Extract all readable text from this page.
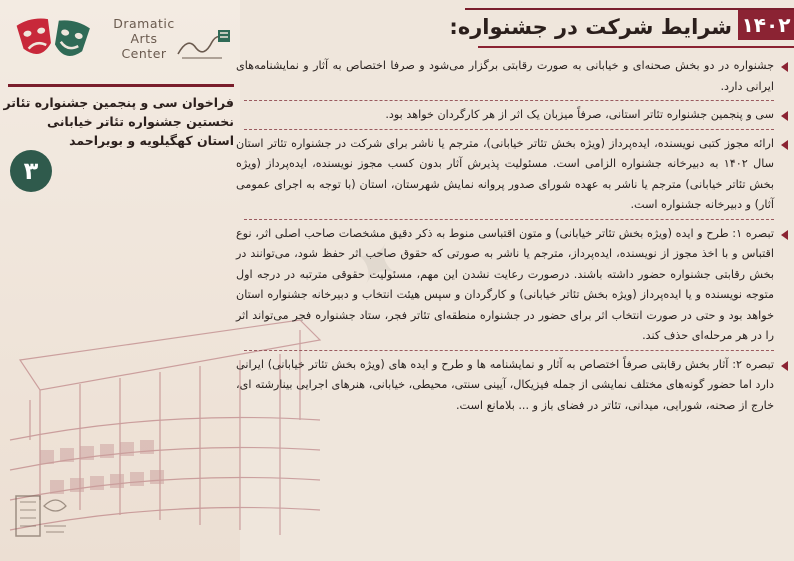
Dramatic
Arts
Center
فراخوان سی و پنجمین جشنواره تئاتر
نخستین جشنواره تئاتر خیابانی
استان کهگیلویه و بویراحمد
۳
۱۴۰۲
شرایط شرکت در جشنواره:
✦
جشنواره در دو بخش صحنه‌ای و خیابانی به صورت رقابتی برگزار می‌شود و صرفا اختصاص به آثار و نمایشنامه‌های ایرانی دارد.
سی و پنجمین جشنواره تئاتر استانی، صرفاً میزبان یک اثر از هر کارگردان خواهد بود.
ارائه مجوز کتبی نویسنده، ایده‌پرداز (ویژه بخش تئاتر خیابانی)، مترجم یا ناشر برای شرکت در جشنواره تئاتر استان سال ۱۴۰۲ به دبیرخانه جشنواره الزامی است. مسئولیت پذیرش آثار بدون کسب مجوز نویسنده، ایده‌پرداز (ویژه بخش تئاتر خیابانی) مترجم یا ناشر به عهده شورای صدور پروانه نمایش شهرستان، استان (با توجه به اجرای عمومی آثار) و دبیرخانه جشنواره است.
تبصره ۱: طرح و ایده (ویژه بخش تئاتر خیابانی) و متون اقتباسی منوط به ذکر دقیق مشخصات صاحب اصلی اثر، نوع اقتباس و با اخذ مجوز از نویسنده، ایده‌پرداز، مترجم یا ناشر به صورتی که حقوق صاحب اثر حفظ شود، می‌توانند در بخش رقابتی جشنواره حضور داشته باشند. درصورت رعایت نشدن این مهم، مسئولیت حقوقی مترتبه در درجه اول متوجه نویسنده و یا ایده‌پرداز (ویژه بخش تئاتر خیابانی) و کارگردان و سپس هیئت انتخاب و دبیرخانه جشنواره استان خواهد بود و حتی در صورت انتخاب اثر برای حضور در جشنواره منطقه‌ای تئاتر فجر، ستاد جشنواره فجر می‌تواند اثر را در هر مرحله‌ای حذف کند.
تبصره ۲: آثار بخش رقابتی صرفاً اختصاص به آثار و نمایشنامه ها و طرح و ایده های (ویژه بخش تئاتر خیابانی) ایرانی دارد اما حضور گونه‌های مختلف نمایشی از جمله فیزیکال، آیینی سنتی، محیطی، خیابانی، هنرهای اجرایی بینارشته ای، خارج از صحنه، شورایی، میدانی، تئاتر در فضای باز و ... بلامانع است.
